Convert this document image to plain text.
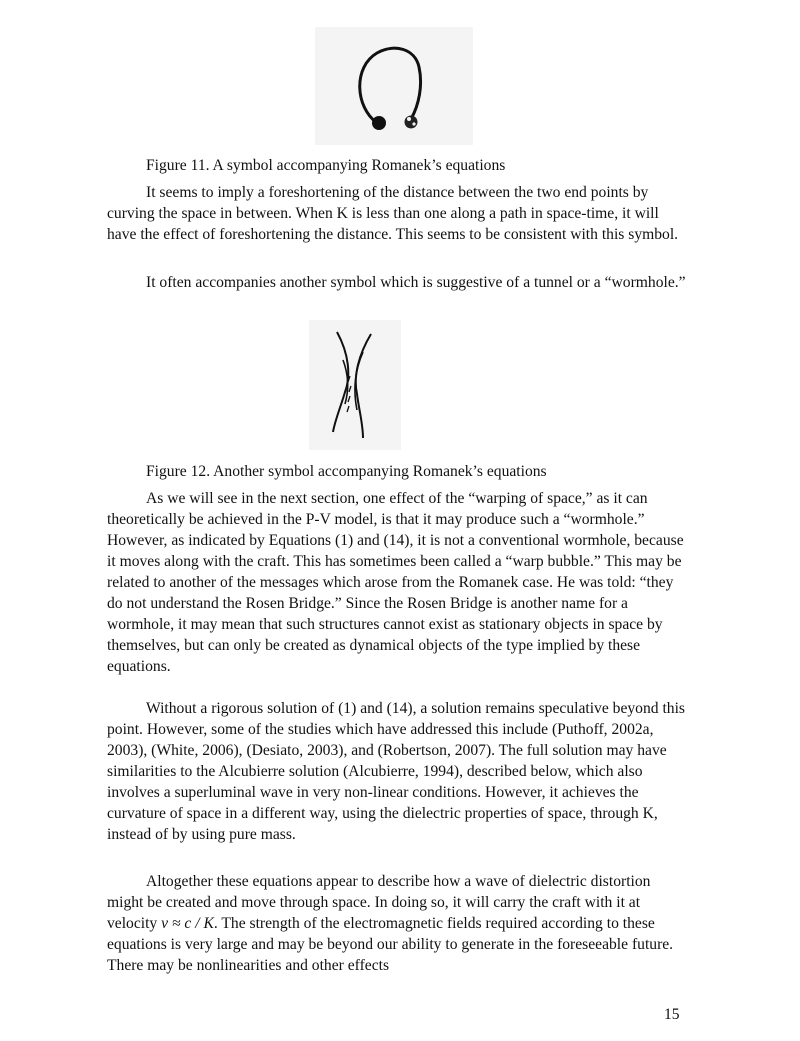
Figure 11. A symbol accompanying Romanek’s equations
It seems to imply a foreshortening of the distance between the two end points by curving the space in between. When K is less than one along a path in space-time, it will have the effect of foreshortening the distance. This seems to be consistent with this symbol.
It often accompanies another symbol which is suggestive of a tunnel or a “wormhole.”
Figure 12. Another symbol accompanying Romanek’s equations
As we will see in the next section, one effect of the “warping of space,” as it can theoretically be achieved in the P-V model, is that it may produce such a “wormhole.” However, as indicated by Equations (1) and (14), it is not a conventional wormhole, because it moves along with the craft. This has sometimes been called a “warp bubble.” This may be related to another of the messages which arose from the Romanek case. He was told: “they do not understand the Rosen Bridge.” Since the Rosen Bridge is another name for a wormhole, it may mean that such structures cannot exist as stationary objects in space by themselves, but can only be created as dynamical objects of the type implied by these equations.
Without a rigorous solution of (1) and (14), a solution remains speculative beyond this point. However, some of the studies which have addressed this include (Puthoff, 2002a, 2003), (White, 2006), (Desiato, 2003), and (Robertson, 2007). The full solution may have similarities to the Alcubierre solution (Alcubierre, 1994), described below, which also involves a superluminal wave in very non-linear conditions. However, it achieves the curvature of space in a different way, using the dielectric properties of space, through K, instead of by using pure mass.
Altogether these equations appear to describe how a wave of dielectric distortion might be created and move through space. In doing so, it will carry the craft with it at velocity v ≈ c / K. The strength of the electromagnetic fields required according to these equations is very large and may be beyond our ability to generate in the foreseeable future. There may be nonlinearities and other effects
15
